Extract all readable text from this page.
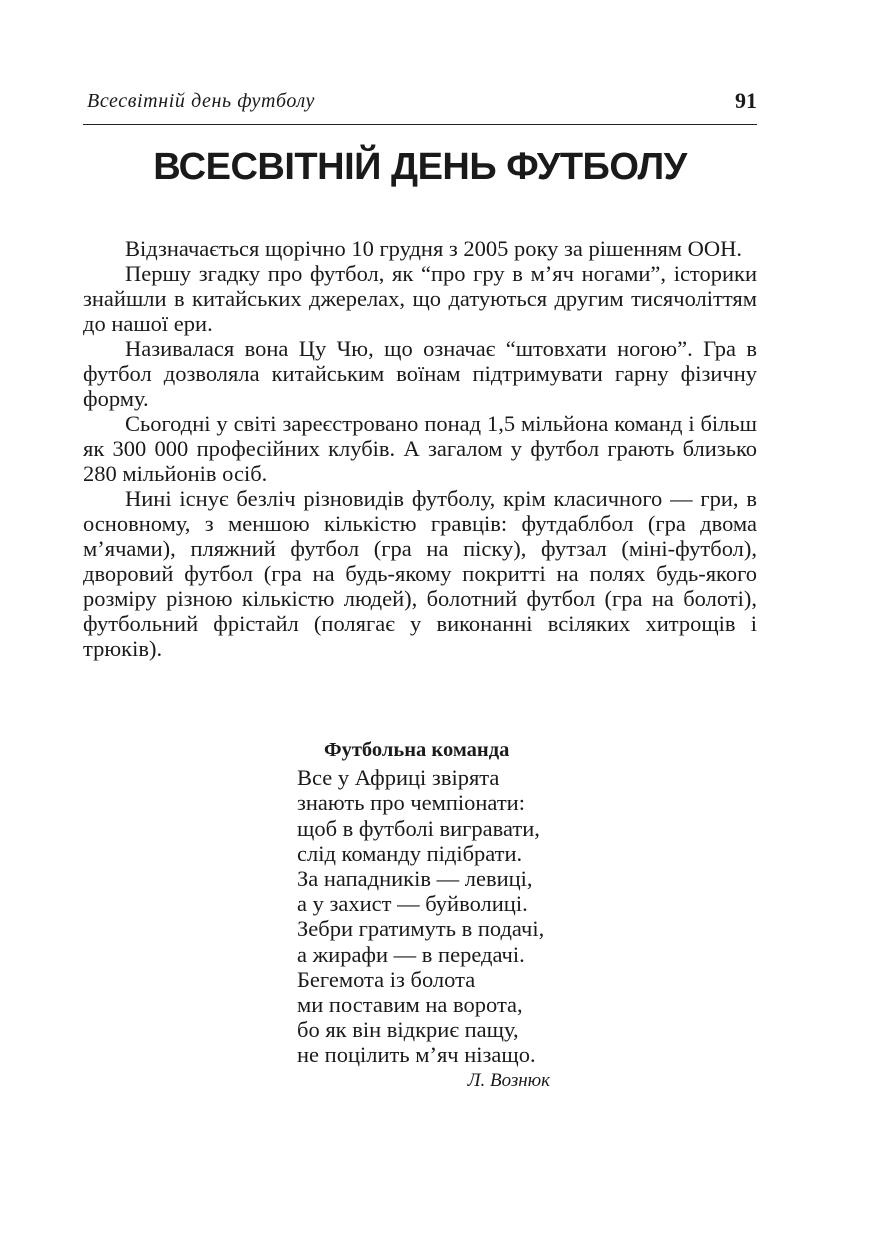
Всесвітній день футболу	91
ВСЕСВІТНІЙ ДЕНЬ ФУТБОЛУ

Відзначається щорічно 10 грудня з 2005 року за рішенням ООН.

Першу згадку про футбол, як “про гру в м’яч ногами”, історики знайшли в китайських джерелах, що датуються другим тисячоліттям до нашої ери.

Називалася вона Цу Чю, що означає “штовхати ногою”. Гра в футбол дозволяла китайським воїнам підтримувати гарну фізичну форму.

Сьогодні у світі зареєстровано понад 1,5 мільйона команд і більш як 300 000 професійних клубів. А загалом у футбол грають близько 280 мільйонів осіб.

Нині існує безліч різновидів футболу, крім класичного — гри, в основному, з меншою кількістю гравців: футдаблбол (гра двома м’ячами), пляжний футбол (гра на піску), футзал (міні-футбол), дворовий футбол (гра на будь-якому покритті на полях будь-якого розміру різною кількістю людей), болотний футбол (гра на болоті), футбольний фрістайл (полягає у виконанні всіляких хитрощів і трюків).

Футбольна команда
Все у Африці звірята
знають про чемпіонати:
щоб в футболі вигравати,
слід команду підібрати.
За нападників — левиці,
а у захист — буйволиці.
Зебри гратимуть в подачі,
а жирафи — в передачі.
Бегемота із болота
ми поставим на ворота,
бо як він відкриє пащу,
не поцілить м’яч нізащо.
Л. Вознюк
